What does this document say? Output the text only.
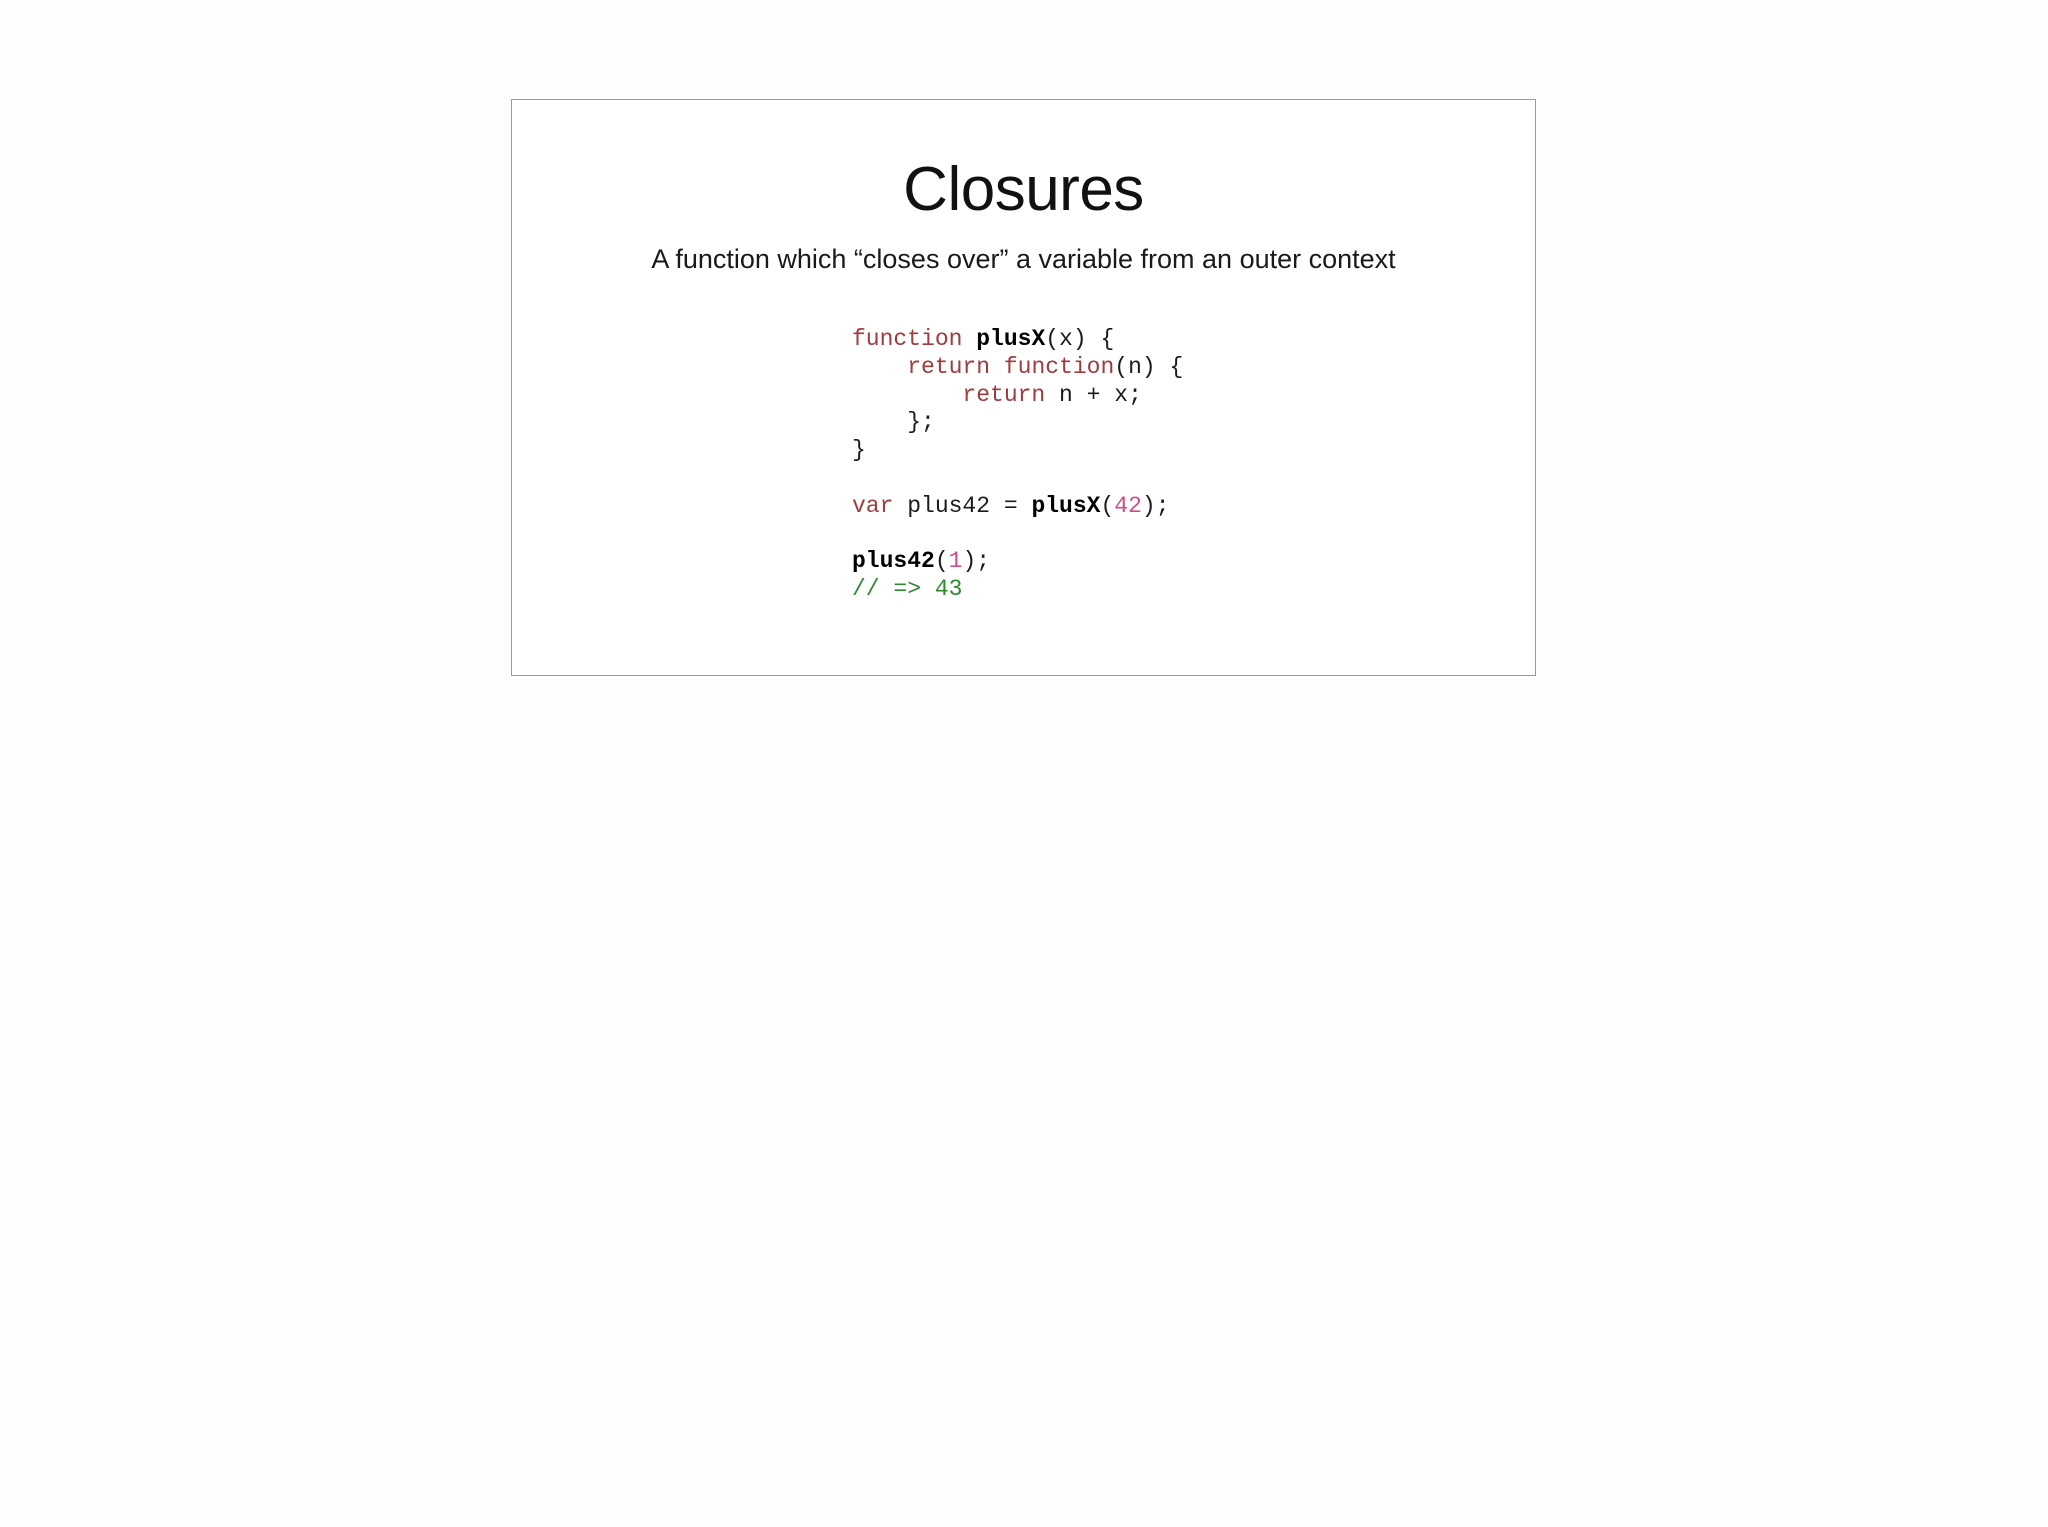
Closures

A function which “closes over” a variable from an outer context

function plusX(x) {
return function(n) {
return n + x;
};
}
var plus42 = plusX(42);
plus42(1);
// => 43
